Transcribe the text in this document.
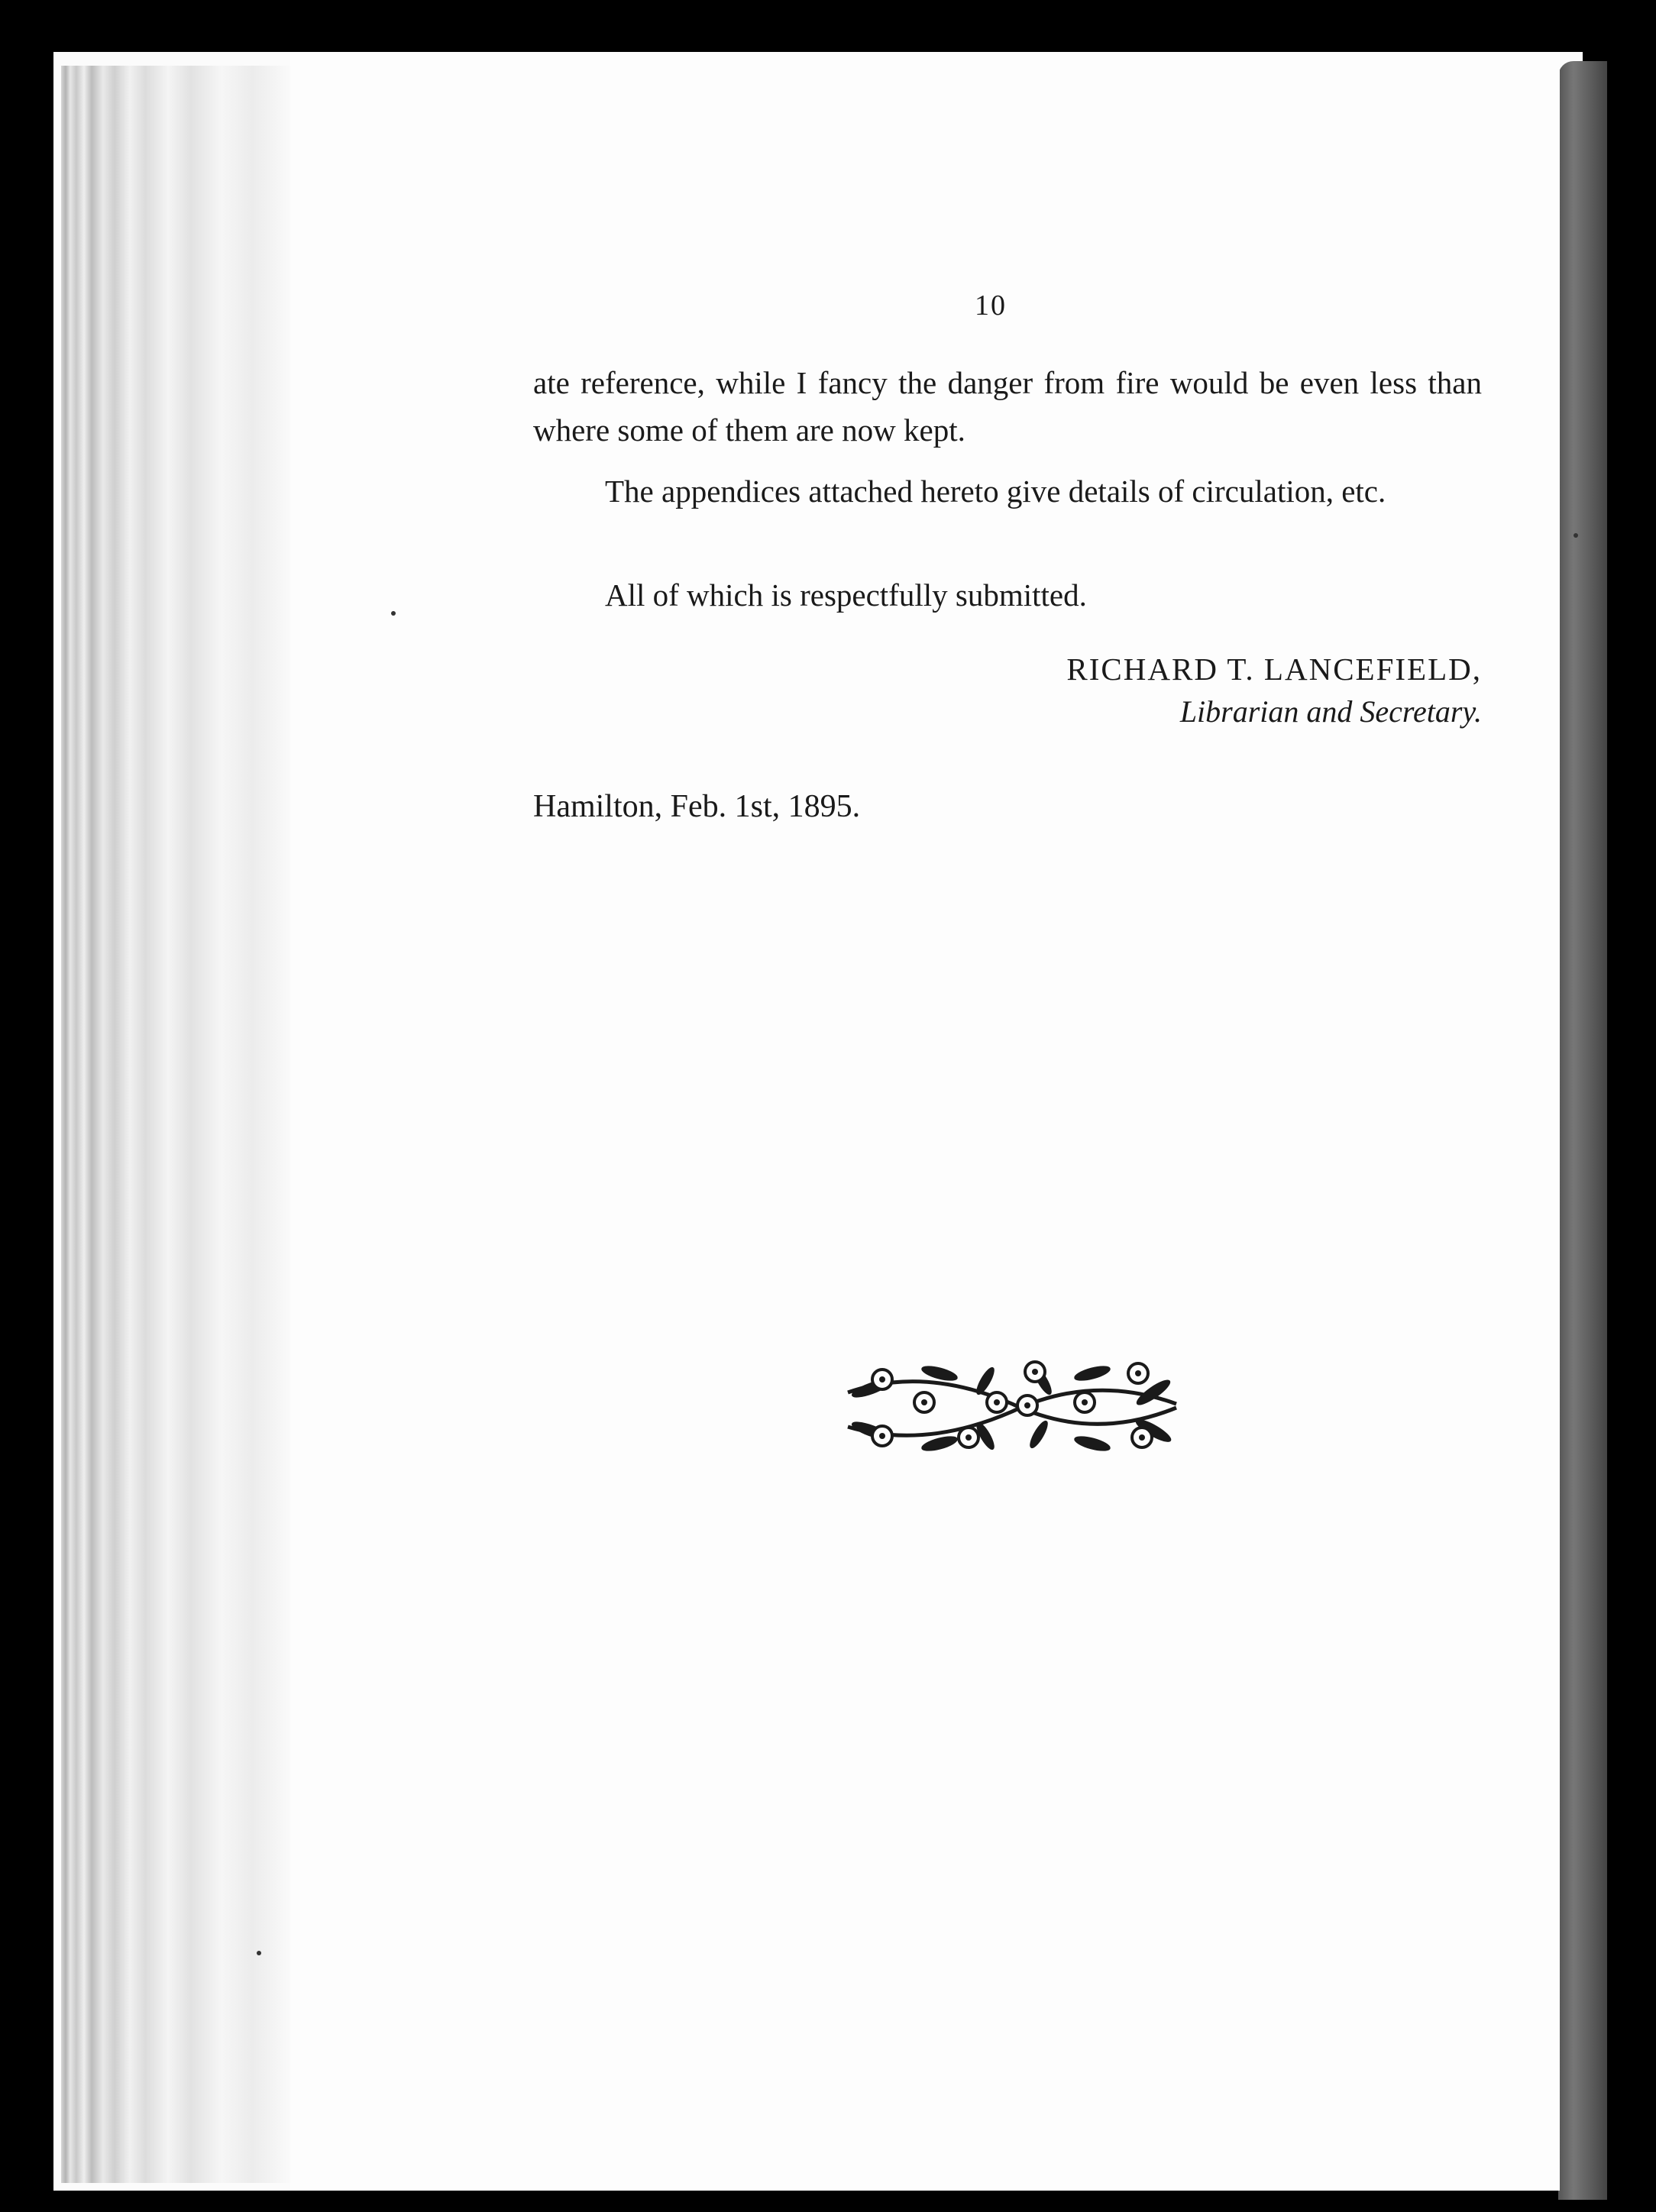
10
ate reference, while I fancy the danger from fire would be even less than where some of them are now kept.
The appendices attached hereto give details of circulation, etc.
All of which is respectfully submitted.
RICHARD T. LANCEFIELD,
Librarian and Secretary.
Hamilton, Feb. 1st, 1895.
